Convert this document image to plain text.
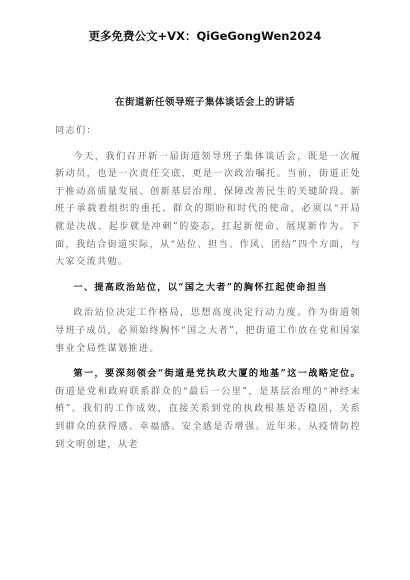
更多免费公文+VX：QiGeGongWen2024
在街道新任领导班子集体谈话会上的讲话

同志们：

今天，我们召开新一届街道领导班子集体谈话会，既是一次履新动员，也是一次责任交底，更是一次政治嘱托。当前，街道正处于推动高质量发展、创新基层治理、保障改善民生的关键阶段。新班子承载着组织的重托、群众的期盼和时代的使命，必须以“开局就是决战、起步就是冲刺”的姿态，扛起新使命、展现新作为。下面，我结合街道实际，从“站位、担当、作风、团结”四个方面，与大家交流共勉。

一、提高政治站位，以“国之大者”的胸怀扛起使命担当

政治站位决定工作格局，思想高度决定行动力度。作为街道领导班子成员，必须始终胸怀“国之大者”，把街道工作放在党和国家事业全局性谋划推进。

第一，要深刻领会“街道是党执政大厦的地基”这一战略定位。街道是党和政府联系群众的“最后一公里”，是基层治理的“神经末梢”。我们的工作成效，直接关系到党的执政根基是否稳固，关系到群众的获得感、幸福感、安全感是否增强。近年来，从疫情防控到文明创建，从老
